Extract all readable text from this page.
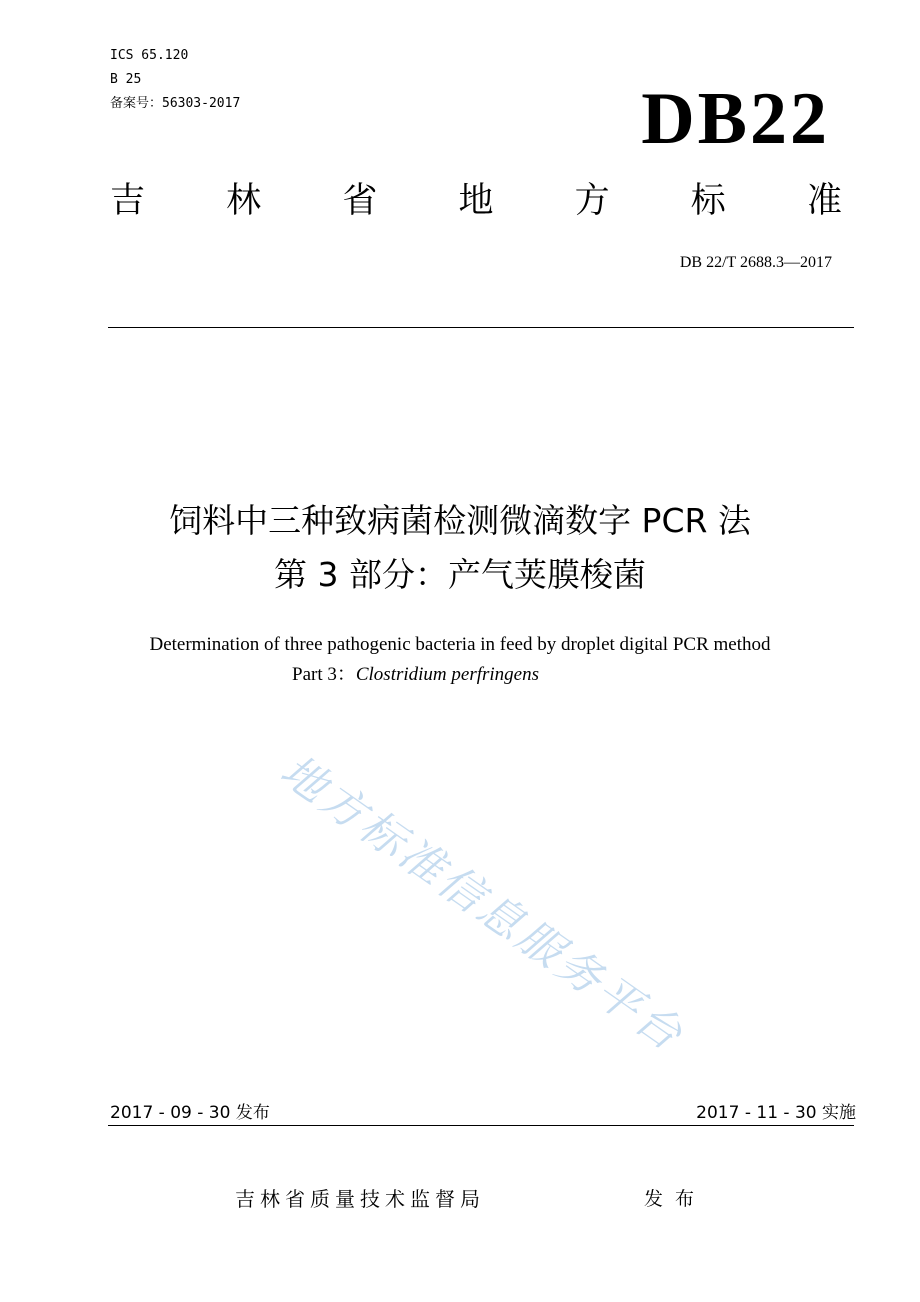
ICS 65.120
B 25
备案号：56303-2017	DB22
吉 林 省 地 方 标 准
DB 22/T 2688.3—2017
饲料中三种致病菌检测微滴数字 PCR 法
第 3 部分：产气荚膜梭菌
Determination of three pathogenic bacteria in feed by droplet digital PCR method
Part 3：Clostridium perfringens
地方标准信息服务平台
2017 - 09 - 30 发布	2017 - 11 - 30 实施
吉林省质量技术监督局	发布
